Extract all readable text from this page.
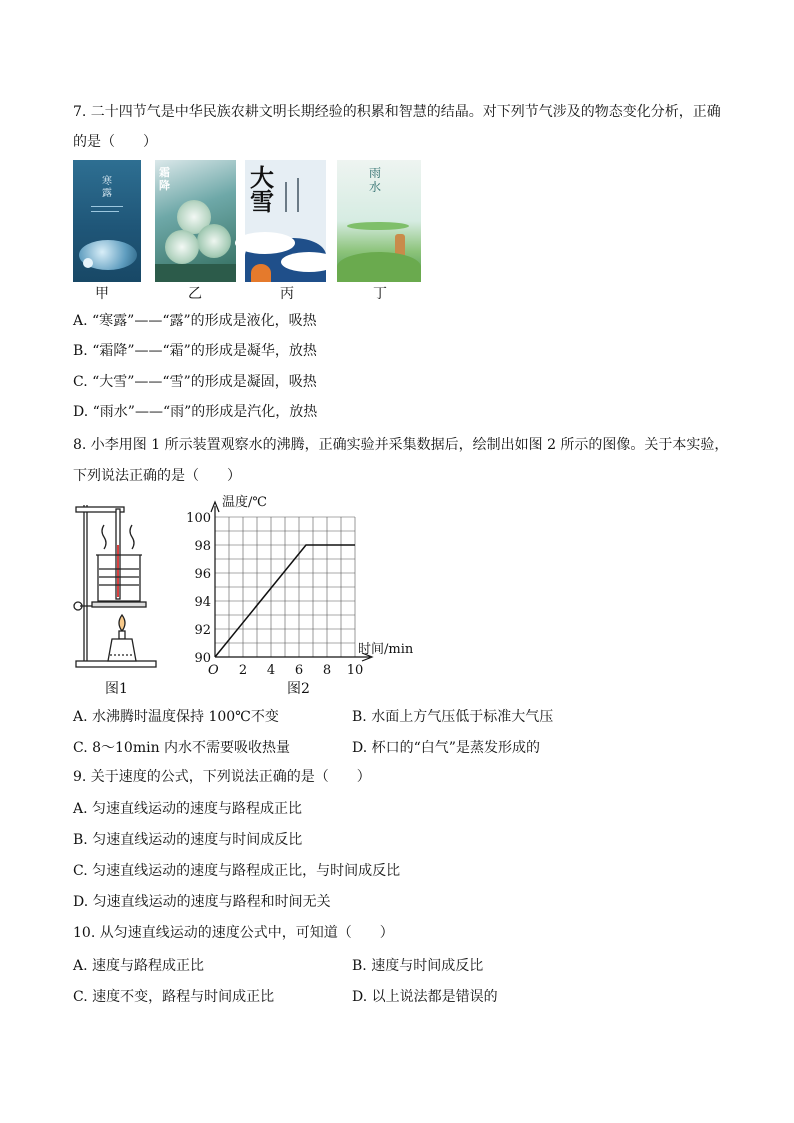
7. 二十四节气是中华民族农耕文明长期经验的积累和智慧的结晶。对下列节气涉及的物态变化分析，正确
的是（　　）
寒
露
霜
降	大
雪
雨
水
甲	乙	丙	丁
A. “寒露”——“露”的形成是液化，吸热
B. “霜降”——“霜”的形成是凝华，放热
C. “大雪”——“雪”的形成是凝固，吸热
D. “雨水”——“雨”的形成是汽化，放热
8. 小李用图 1 所示装置观察水的沸腾，正确实验并采集数据后，绘制出如图 2 所示的图像。关于本实验，
下列说法正确的是（　　）
图1
温度/℃
时间/min
O
90
92
94
96
98
100
2 4 6 8 10
图2
A. 水沸腾时温度保持 100℃不变	B. 水面上方气压低于标准大气压
C. 8～10min 内水不需要吸收热量	D. 杯口的“白气”是蒸发形成的
9. 关于速度的公式，下列说法正确的是（　　）
A. 匀速直线运动的速度与路程成正比
B. 匀速直线运动的速度与时间成反比
C. 匀速直线运动的速度与路程成正比，与时间成反比
D. 匀速直线运动的速度与路程和时间无关
10. 从匀速直线运动的速度公式中，可知道（　　）
A. 速度与路程成正比	B. 速度与时间成反比
C. 速度不变，路程与时间成正比	D. 以上说法都是错误的
